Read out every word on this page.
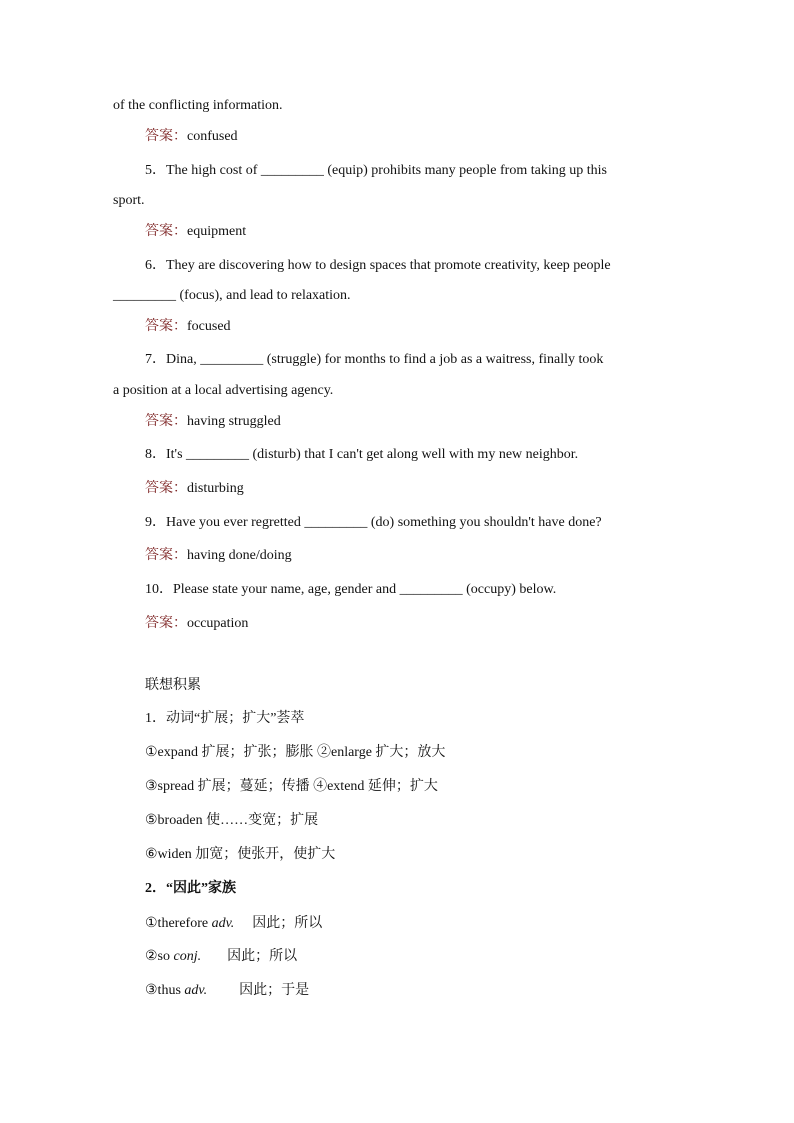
of the conflicting information.
答案：confused
5．The high cost of _________ (equip) prohibits many people from taking up this
sport.
答案：equipment
6．They are discovering how to design spaces that promote creativity, keep people
_________ (focus), and lead to relaxation.
答案：focused
7．Dina, _________ (struggle) for months to find a job as a waitress, finally took
a position at a local advertising agency.
答案：having struggled
8．It's _________ (disturb) that I can't get along well with my new neighbor.
答案：disturbing
9．Have you ever regretted _________ (do) something you shouldn't have done?
答案：having done/doing
10．Please state your name, age, gender and _________ (occupy) below.
答案：occupation
联想积累
1．动词“扩展；扩大”荟萃
①expand 扩展；扩张；膨胀 ②enlarge 扩大；放大
③spread 扩展；蔓延；传播 ④extend 延伸；扩大
⑤broaden 使……变宽；扩展
⑥widen 加宽；使张开，使扩大
2．“因此”家族
①therefore adv. 因此；所以
②so conj. 因此；所以
③thus adv. 因此；于是
